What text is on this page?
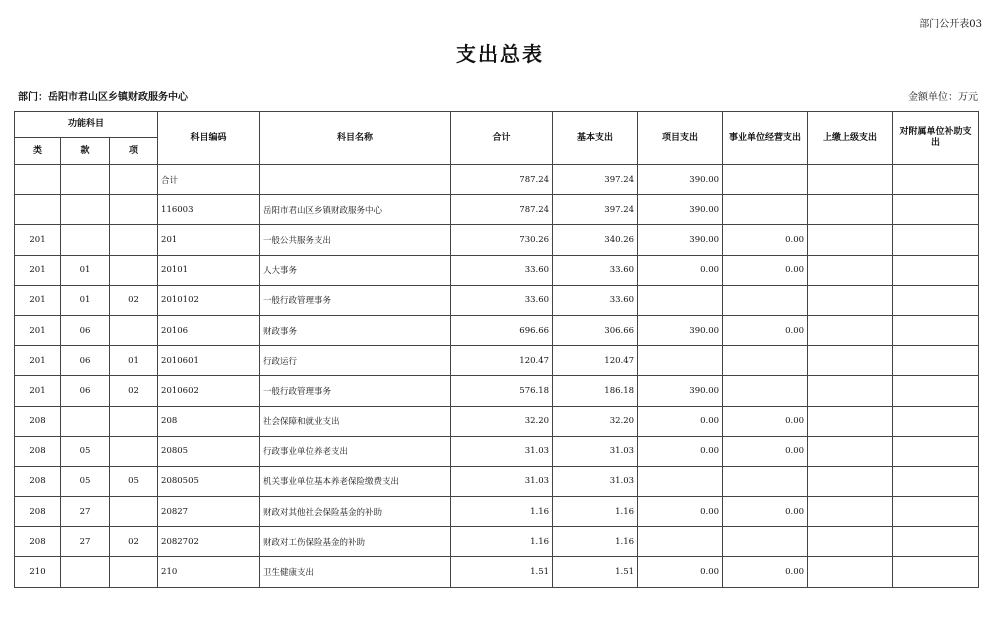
部门公开表03
支出总表
部门：岳阳市君山区乡镇财政服务中心	金额单位：万元
功能科目			科目编码	科目名称	合计	基本支出	项目支出	事业单位经营支出	上缴上级支出	对附属单位补助支出
类	款	项								
			合计		787.24	397.24	390.00			
			116003	岳阳市君山区乡镇财政服务中心	787.24	397.24	390.00			
201			201	一般公共服务支出	730.26	340.26	390.00	0.00		
201	01		20101	人大事务	33.60	33.60	0.00	0.00		
201	01	02	2010102	一般行政管理事务	33.60	33.60				
201	06		20106	财政事务	696.66	306.66	390.00	0.00		
201	06	01	2010601	行政运行	120.47	120.47				
201	06	02	2010602	一般行政管理事务	576.18	186.18	390.00			
208			208	社会保障和就业支出	32.20	32.20	0.00	0.00		
208	05		20805	行政事业单位养老支出	31.03	31.03	0.00	0.00		
208	05	05	2080505	机关事业单位基本养老保险缴费支出	31.03	31.03				
208	27		20827	财政对其他社会保险基金的补助	1.16	1.16	0.00	0.00		
208	27	02	2082702	财政对工伤保险基金的补助	1.16	1.16				
210			210	卫生健康支出	1.51	1.51	0.00	0.00		
